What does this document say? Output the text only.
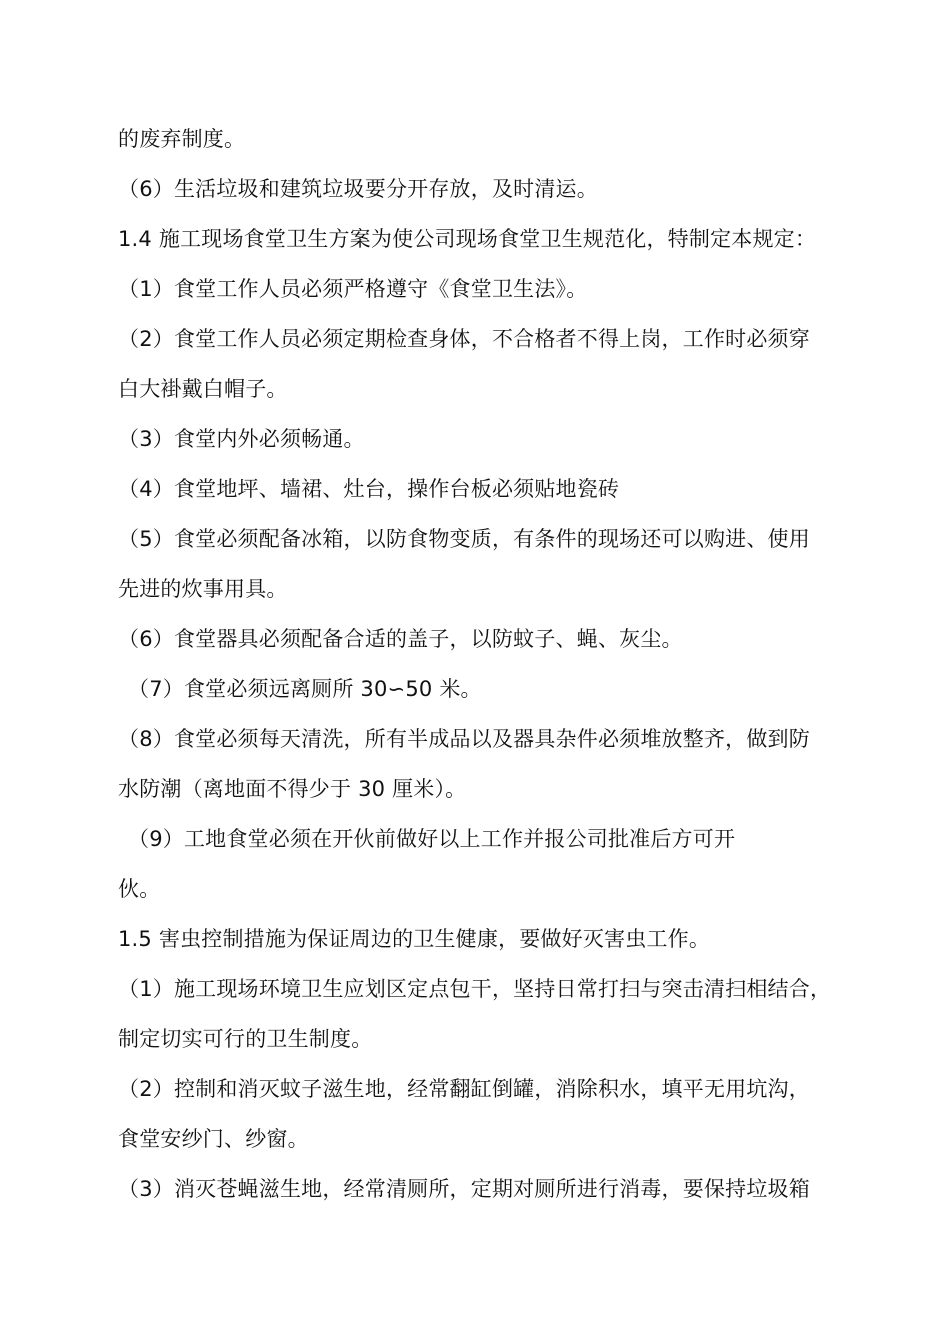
的废弃制度。
（6）生活垃圾和建筑垃圾要分开存放，及时清运。
1.4 施工现场食堂卫生方案为使公司现场食堂卫生规范化，特制定本规定：
（1）食堂工作人员必须严格遵守《食堂卫生法》。
（2）食堂工作人员必须定期检查身体，不合格者不得上岗，工作时必须穿
白大褂戴白帽子。
（3）食堂内外必须畅通。
（4）食堂地坪、墙裙、灶台，操作台板必须贴地瓷砖
（5）食堂必须配备冰箱，以防食物变质，有条件的现场还可以购进、使用
先进的炊事用具。
（6）食堂器具必须配备合适的盖子，以防蚊子、蝇、灰尘。
（7）食堂必须远离厕所 30∽50 米。
（8）食堂必须每天清洗，所有半成品以及器具杂件必须堆放整齐，做到防
水防潮（离地面不得少于 30 厘米）。
（9）工地食堂必须在开伙前做好以上工作并报公司批准后方可开
伙。
1.5 害虫控制措施为保证周边的卫生健康，要做好灭害虫工作。
（1）施工现场环境卫生应划区定点包干，坚持日常打扫与突击清扫相结合，
制定切实可行的卫生制度。
（2）控制和消灭蚊子滋生地，经常翻缸倒罐，消除积水，填平无用坑沟，
食堂安纱门、纱窗。
（3）消灭苍蝇滋生地，经常清厕所，定期对厕所进行消毒，要保持垃圾箱
